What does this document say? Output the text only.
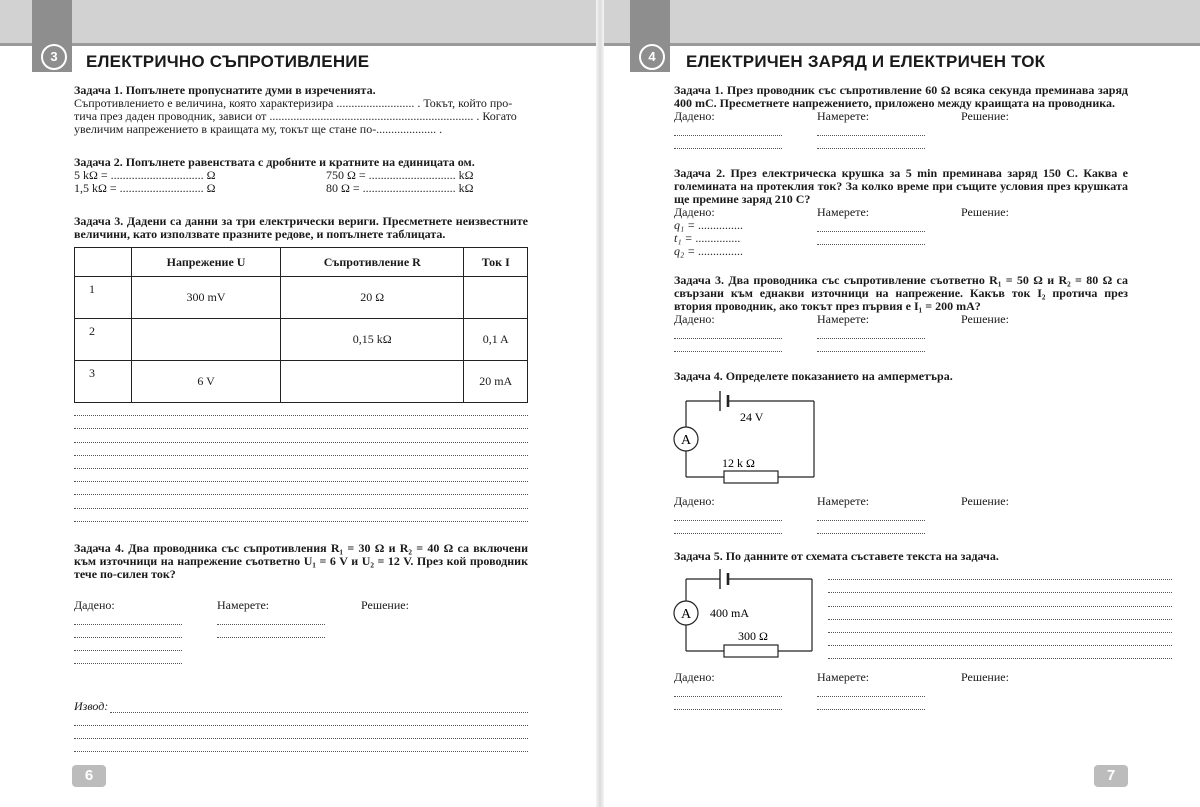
3	ЕЛЕКТРИЧНО СЪПРОТИВЛЕНИЕ
Задача 1. Попълнете пропуснатите думи в изреченията.
Съпротивлението е величина, която характеризира .......................... . Токът, който про-
тича през даден проводник, зависи от .................................................................... . Когато
увеличим напрежението в краищата му, токът ще стане по-.................... .
Задача 2. Попълнете равенствата с дробните и кратните на единицата ом.
5 kΩ = ............................... Ω	750 Ω = ............................. kΩ
1,5 kΩ = ............................ Ω	80 Ω = ............................... kΩ
Задача 3. Дадени са данни за три електрически вериги. Пресметнете неизвестните величини, като използвате празните редове, и попълнете таблицата.
	Напрежение U	Съпротивление R	Ток I
1	300 mV	20 Ω	
2		0,15 kΩ	0,1 A
3	6 V		20 mA
Задача 4. Два проводника със съпротивления R₁ = 30 Ω и R₂ = 40 Ω са включени към източници на напрежение съответно U₁ = 6 V и U₂ = 12 V. През кой проводник тече по-силен ток?
Дадено:	Намерете:	Решение:
Извод:
6
4	ЕЛЕКТРИЧЕН ЗАРЯД И ЕЛЕКТРИЧЕН ТОК
Задача 1. През проводник със съпротивление 60 Ω всяка секунда преминава заряд 400 mC. Пресметнете напрежението, приложено между краищата на проводника.
Дадено:	Намерете:	Решение:
Задача 2. През електрическа крушка за 5 min преминава заряд 150 С. Каква е големината на протеклия ток? За колко време при същите условия през крушката ще премине заряд 210 С?
Дадено:
q₁ = ...............
t₁ = ...............
q₂ = ...............
Намерете:	Решение:
Задача 3. Два проводника със съпротивление съответно R₁ = 50 Ω и R₂ = 80 Ω са свързани към еднакви източници на напрежение. Какъв ток I₂ протича през втория проводник, ако токът през първия е I₁ = 200 mA?
Дадено:	Намерете:	Решение:
Задача 4. Определете показанието на амперметъра.
A
24 V
12 k Ω
Дадено:	Намерете:	Решение:
Задача 5. По данните от схемата съставете текста на задача.
A 400 mA
300 Ω
Дадено:	Намерете:	Решение:
7
